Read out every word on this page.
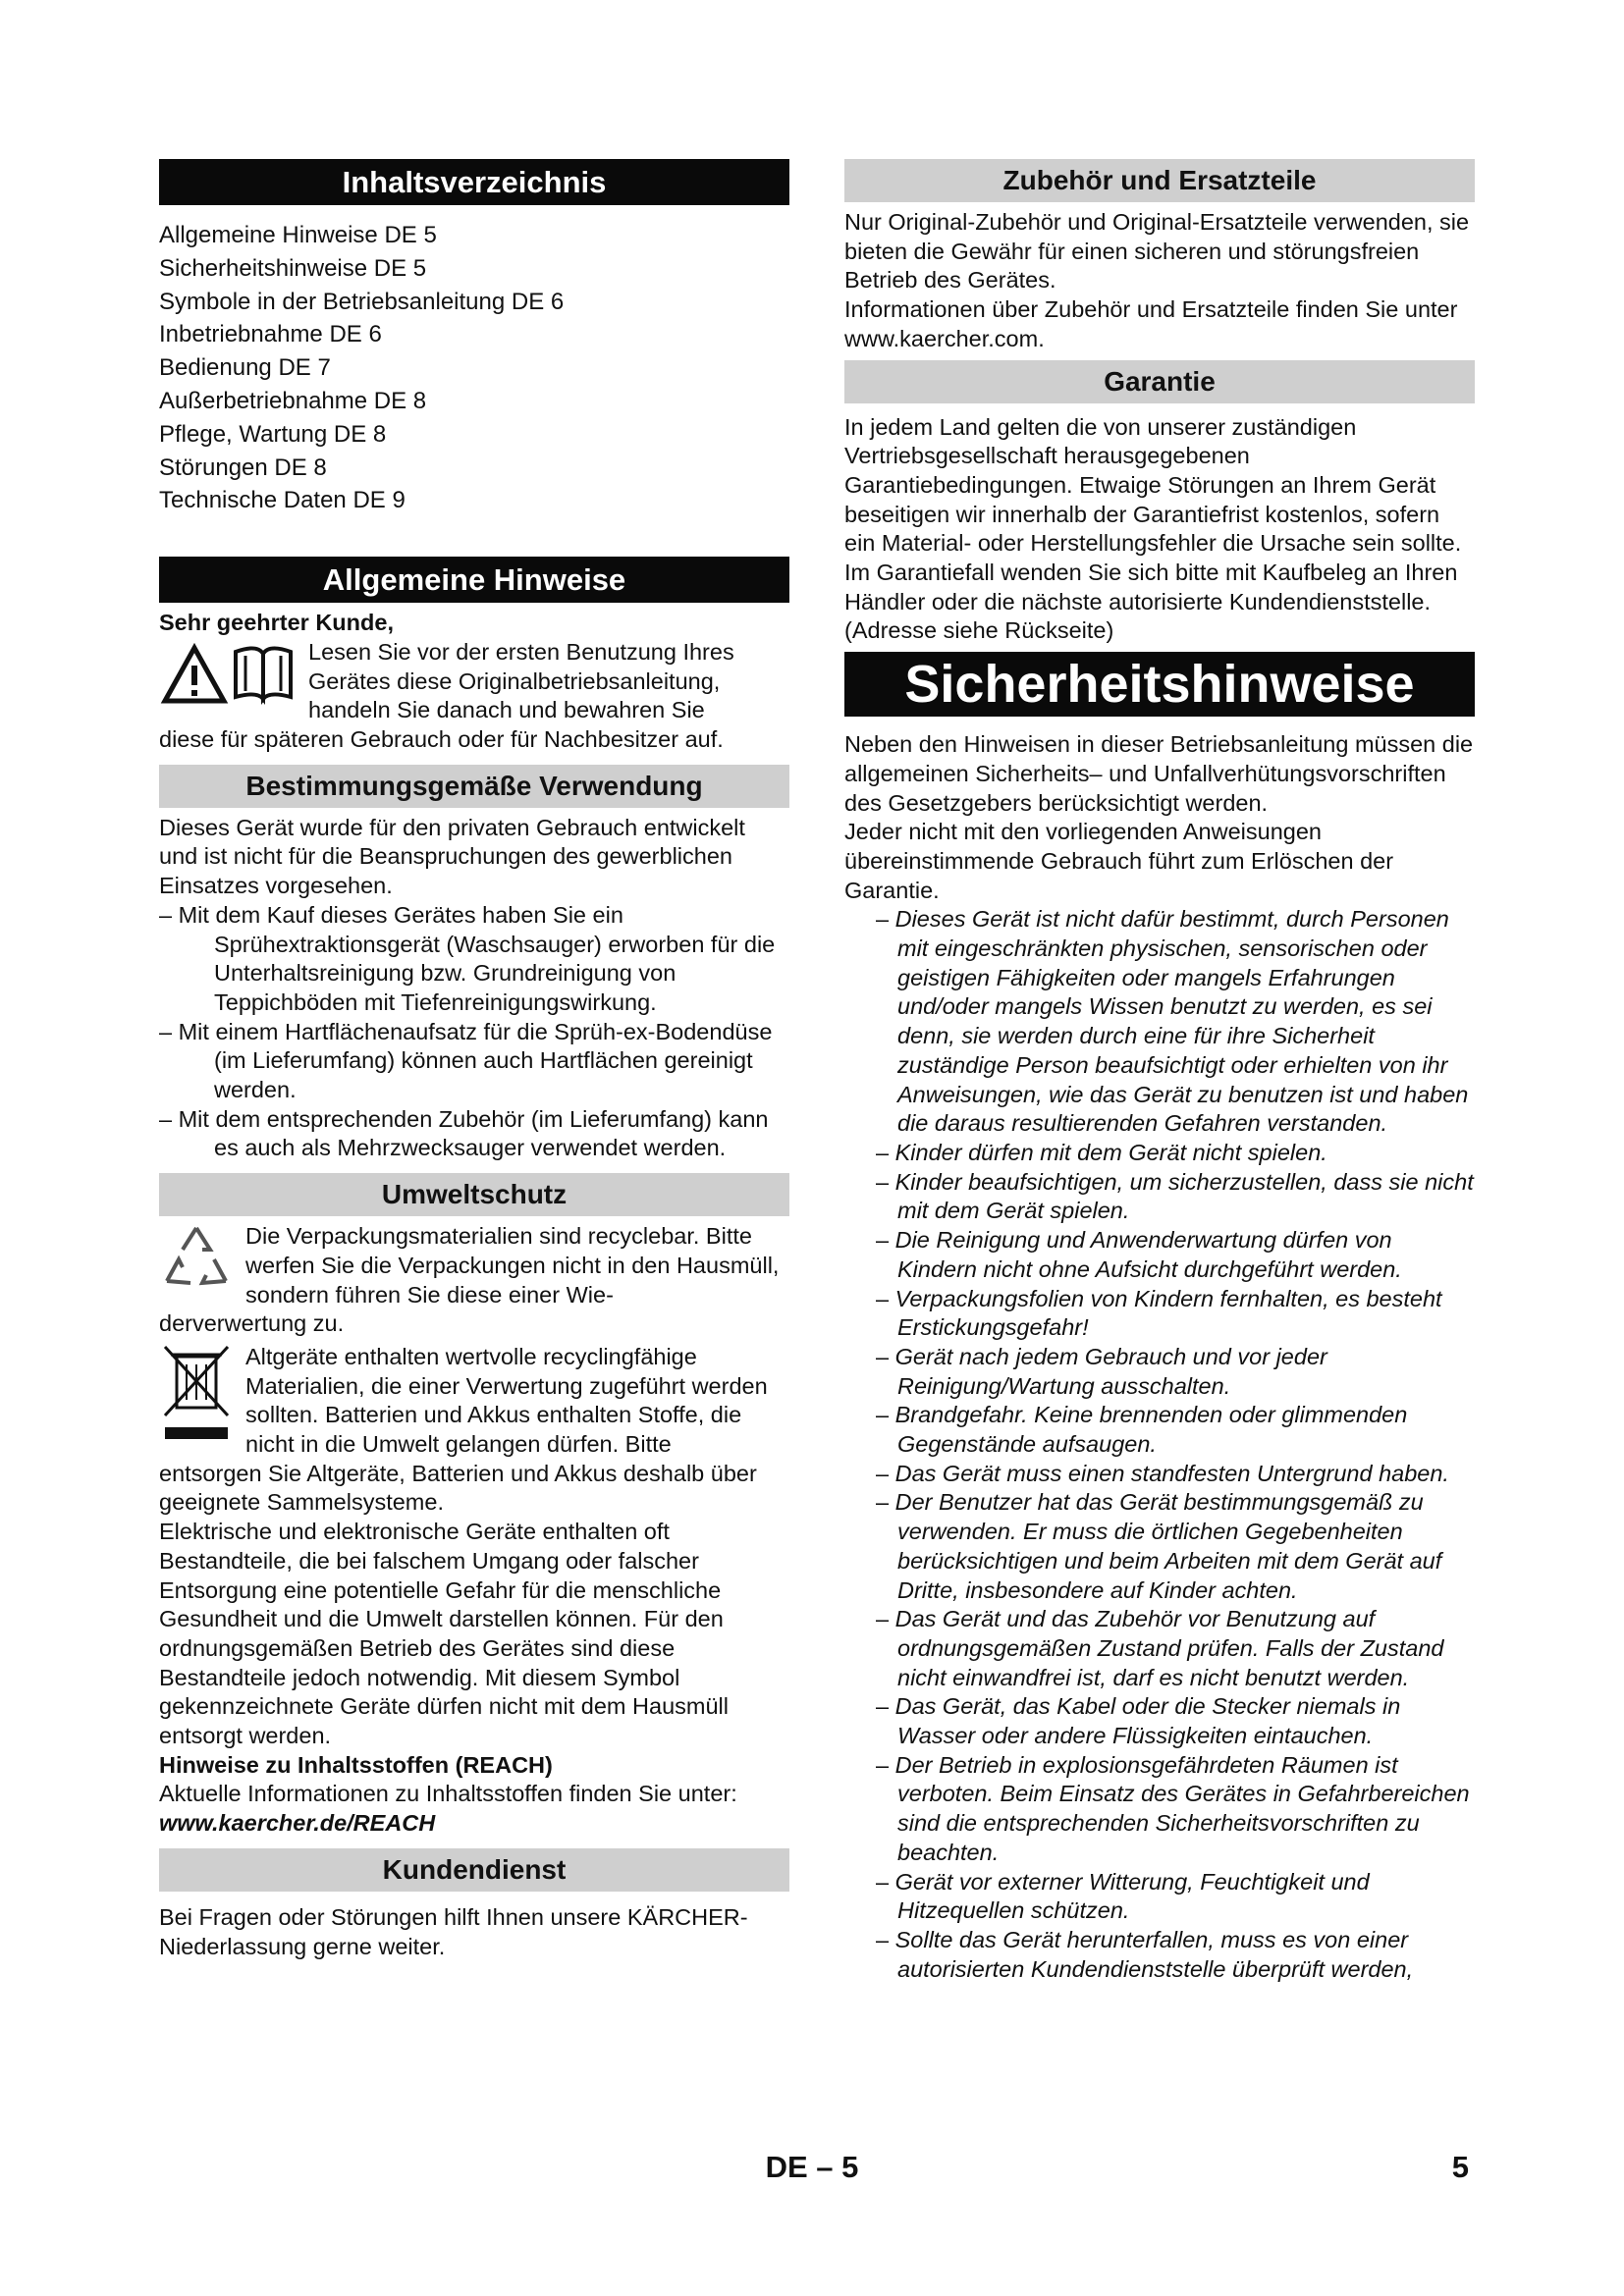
Inhaltsverzeichnis
Allgemeine Hinweise DE 5
Sicherheitshinweise DE 5
Symbole in der Betriebsanleitung DE 6
Inbetriebnahme DE 6
Bedienung DE 7
Außerbetriebnahme DE 8
Pflege, Wartung DE 8
Störungen DE 8
Technische Daten DE 9
Allgemeine Hinweise

Sehr geehrter Kunde,

Lesen Sie vor der ersten Benutzung Ihres Gerätes diese Originalbetriebsanleitung, handeln Sie danach und bewahren Sie

diese für späteren Gebrauch oder für Nachbesitzer auf.

Bestimmungsgemäße Verwendung

Dieses Gerät wurde für den privaten Gebrauch entwickelt und ist nicht für die Beanspruchungen des gewerblichen Einsatzes vorgesehen.

– Mit dem Kauf dieses Gerätes haben Sie ein Sprühextraktionsgerät (Waschsauger) erworben für die Unterhaltsreinigung bzw. Grundreinigung von Teppichböden mit Tiefenreinigungswirkung.
– Mit einem Hartflächenaufsatz für die Sprüh-ex-Bodendüse (im Lieferumfang) können auch Hartflächen gereinigt werden.
– Mit dem entsprechenden Zubehör (im Lieferumfang) kann es auch als Mehrzwecksauger verwendet werden.
Umweltschutz

Die Verpackungsmaterialien sind recyclebar. Bitte werfen Sie die Verpackungen nicht in den Hausmüll, sondern führen Sie diese einer Wie-

derverwertung zu.

Altgeräte enthalten wertvolle recyclingfähige Materialien, die einer Verwertung zugeführt werden sollten. Batterien und Akkus enthalten Stoffe, die nicht in die Umwelt gelangen dürfen. Bitte

entsorgen Sie Altgeräte, Batterien und Akkus deshalb über geeignete Sammelsysteme.

Elektrische und elektronische Geräte enthalten oft Bestandteile, die bei falschem Umgang oder falscher Entsorgung eine potentielle Gefahr für die menschliche Gesundheit und die Umwelt darstellen können. Für den ordnungsgemäßen Betrieb des Gerätes sind diese Bestandteile jedoch notwendig. Mit diesem Symbol gekennzeichnete Geräte dürfen nicht mit dem Hausmüll entsorgt werden.

Hinweise zu Inhaltsstoffen (REACH)

Aktuelle Informationen zu Inhaltsstoffen finden Sie unter:

www.kaercher.de/REACH

Kundendienst

Bei Fragen oder Störungen hilft Ihnen unsere KÄRCHER-Niederlassung gerne weiter.

Zubehör und Ersatzteile

Nur Original-Zubehör und Original-Ersatzteile verwenden, sie bieten die Gewähr für einen sicheren und störungsfreien Betrieb des Gerätes.

Informationen über Zubehör und Ersatzteile finden Sie unter www.kaercher.com.

Garantie

In jedem Land gelten die von unserer zuständigen Vertriebsgesellschaft herausgegebenen Garantiebedingungen. Etwaige Störungen an Ihrem Gerät beseitigen wir innerhalb der Garantiefrist kostenlos, sofern ein Material- oder Herstellungsfehler die Ursache sein sollte.

Im Garantiefall wenden Sie sich bitte mit Kaufbeleg an Ihren Händler oder die nächste autorisierte Kundendienststelle.

(Adresse siehe Rückseite)

Sicherheitshinweise

Neben den Hinweisen in dieser Betriebsanleitung müssen die allgemeinen Sicherheits– und Unfallverhütungsvorschriften des Gesetzgebers berücksichtigt werden.

Jeder nicht mit den vorliegenden Anweisungen übereinstimmende Gebrauch führt zum Erlöschen der Garantie.

– Dieses Gerät ist nicht dafür bestimmt, durch Personen mit eingeschränkten physischen, sensorischen oder geistigen Fähigkeiten oder mangels Erfahrungen und/oder mangels Wissen benutzt zu werden, es sei denn, sie werden durch eine für ihre Sicherheit zuständige Person beaufsichtigt oder erhielten von ihr Anweisungen, wie das Gerät zu benutzen ist und haben die daraus resultierenden Gefahren verstanden.
– Kinder dürfen mit dem Gerät nicht spielen.
– Kinder beaufsichtigen, um sicherzustellen, dass sie nicht mit dem Gerät spielen.
– Die Reinigung und Anwenderwartung dürfen von Kindern nicht ohne Aufsicht durchgeführt werden.
– Verpackungsfolien von Kindern fernhalten, es besteht Erstickungsgefahr!
– Gerät nach jedem Gebrauch und vor jeder Reinigung/Wartung ausschalten.
– Brandgefahr. Keine brennenden oder glimmenden Gegenstände aufsaugen.
– Das Gerät muss einen standfesten Untergrund haben.
– Der Benutzer hat das Gerät bestimmungsgemäß zu verwenden. Er muss die örtlichen Gegebenheiten berücksichtigen und beim Arbeiten mit dem Gerät auf Dritte, insbesondere auf Kinder achten.
– Das Gerät und das Zubehör vor Benutzung auf ordnungsgemäßen Zustand prüfen. Falls der Zustand nicht einwandfrei ist, darf es nicht benutzt werden.
– Das Gerät, das Kabel oder die Stecker niemals in Wasser oder andere Flüssigkeiten eintauchen.
– Der Betrieb in explosionsgefährdeten Räumen ist verboten. Beim Einsatz des Gerätes in Gefahrbereichen sind die entsprechenden Sicherheitsvorschriften zu beachten.
– Gerät vor externer Witterung, Feuchtigkeit und Hitzequellen schützen.
– Sollte das Gerät herunterfallen, muss es von einer autorisierten Kundendienststelle überprüft werden,
DE – 5	5
